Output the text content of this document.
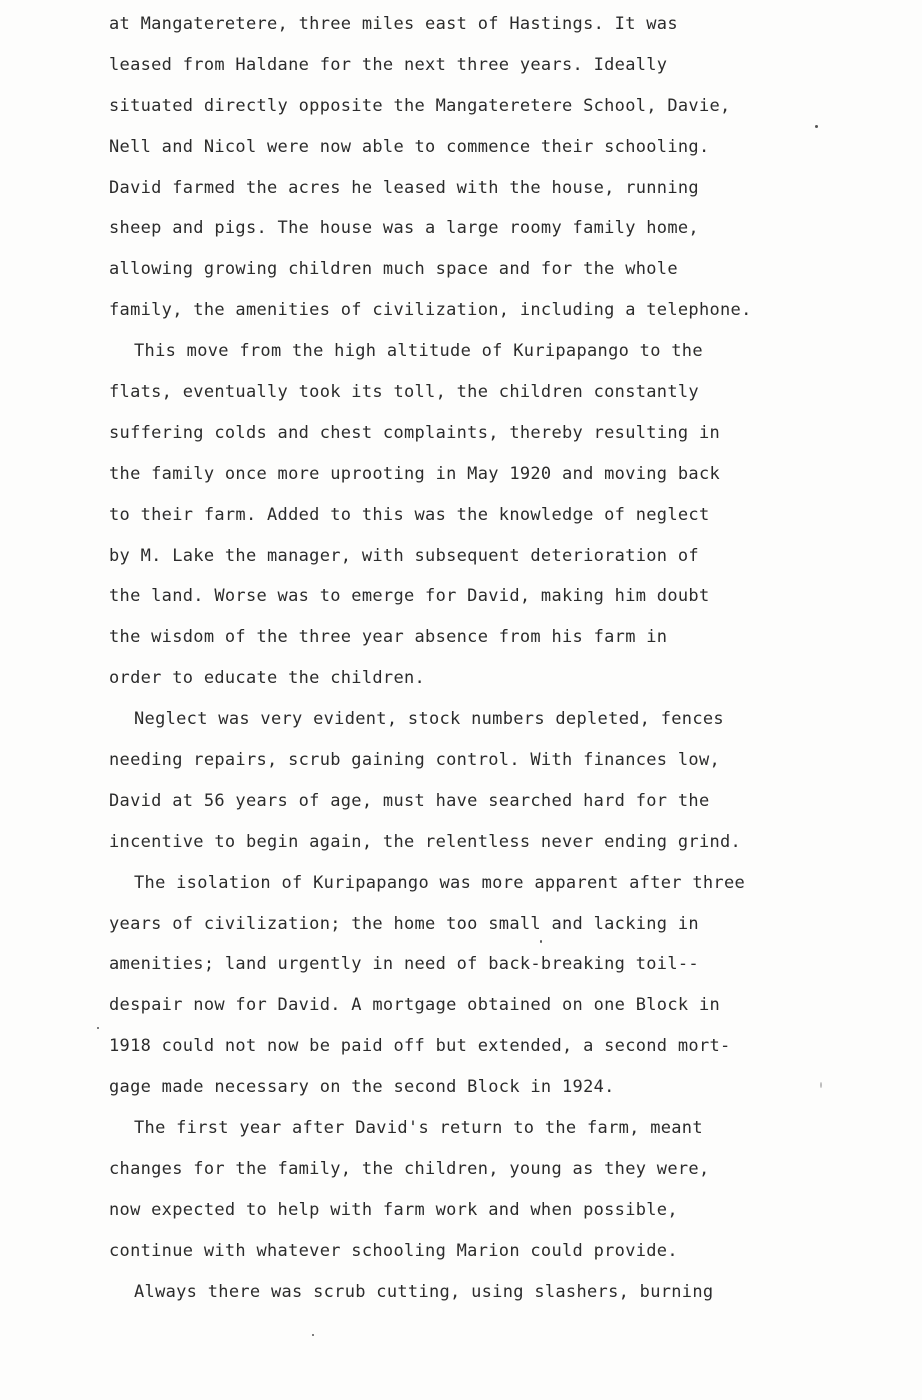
at Mangateretere, three miles east of Hastings. It was
leased from Haldane for the next three years. Ideally
situated directly opposite the Mangateretere School, Davie,
Nell and Nicol were now able to commence their schooling.
David farmed the acres he leased with the house, running
sheep and pigs. The house was a large roomy family home,
allowing growing children much space and for the whole
family, the amenities of civilization, including a telephone.
This move from the high altitude of Kuripapango to the
flats, eventually took its toll, the children constantly
suffering colds and chest complaints, thereby resulting in
the family once more uprooting in May 1920 and moving back
to their farm. Added to this was the knowledge of neglect
by M. Lake the manager, with subsequent deterioration of
the land. Worse was to emerge for David, making him doubt
the wisdom of the three year absence from his farm in
order to educate the children.
Neglect was very evident, stock numbers depleted, fences
needing repairs, scrub gaining control. With finances low,
David at 56 years of age, must have searched hard for the
incentive to begin again, the relentless never ending grind.
The isolation of Kuripapango was more apparent after three
years of civilization; the home too small and lacking in
amenities; land urgently in need of back-breaking toil--
despair now for David. A mortgage obtained on one Block in
1918 could not now be paid off but extended, a second mort-
gage made necessary on the second Block in 1924.
The first year after David's return to the farm, meant
changes for the family, the children, young as they were,
now expected to help with farm work and when possible,
continue with whatever schooling Marion could provide.
Always there was scrub cutting, using slashers, burning
